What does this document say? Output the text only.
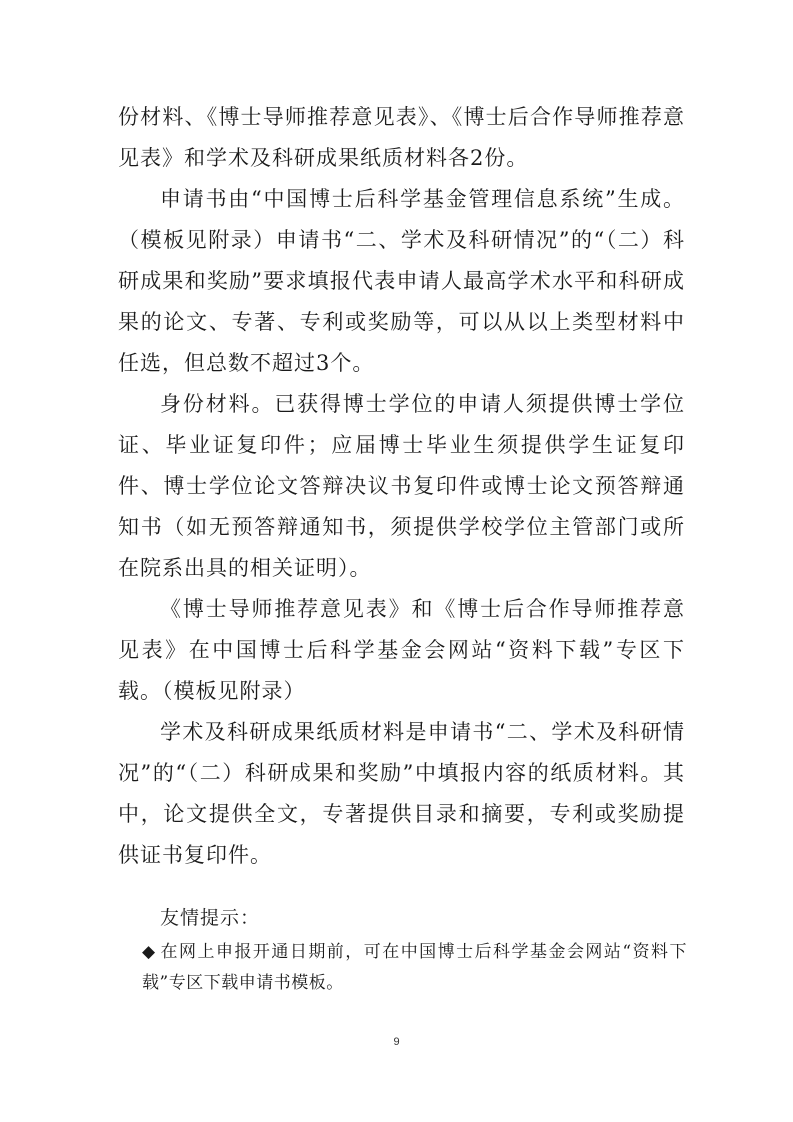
份材料、《博士导师推荐意见表》、《博士后合作导师推荐意见表》和学术及科研成果纸质材料各2份。

申请书由“中国博士后科学基金管理信息系统”生成。（模板见附录）申请书“二、学术及科研情况”的“（二）科研成果和奖励”要求填报代表申请人最高学术水平和科研成果的论文、专著、专利或奖励等，可以从以上类型材料中任选，但总数不超过3个。

身份材料。已获得博士学位的申请人须提供博士学位证、毕业证复印件；应届博士毕业生须提供学生证复印件、博士学位论文答辩决议书复印件或博士论文预答辩通知书（如无预答辩通知书，须提供学校学位主管部门或所在院系出具的相关证明）。

《博士导师推荐意见表》和《博士后合作导师推荐意见表》在中国博士后科学基金会网站“资料下载”专区下载。（模板见附录）

学术及科研成果纸质材料是申请书“二、学术及科研情况”的“（二）科研成果和奖励”中填报内容的纸质材料。其中，论文提供全文，专著提供目录和摘要，专利或奖励提供证书复印件。

友情提示：
◆ 在网上申报开通日期前，可在中国博士后科学基金会网站“资料下载”专区下载申请书模板。
9
